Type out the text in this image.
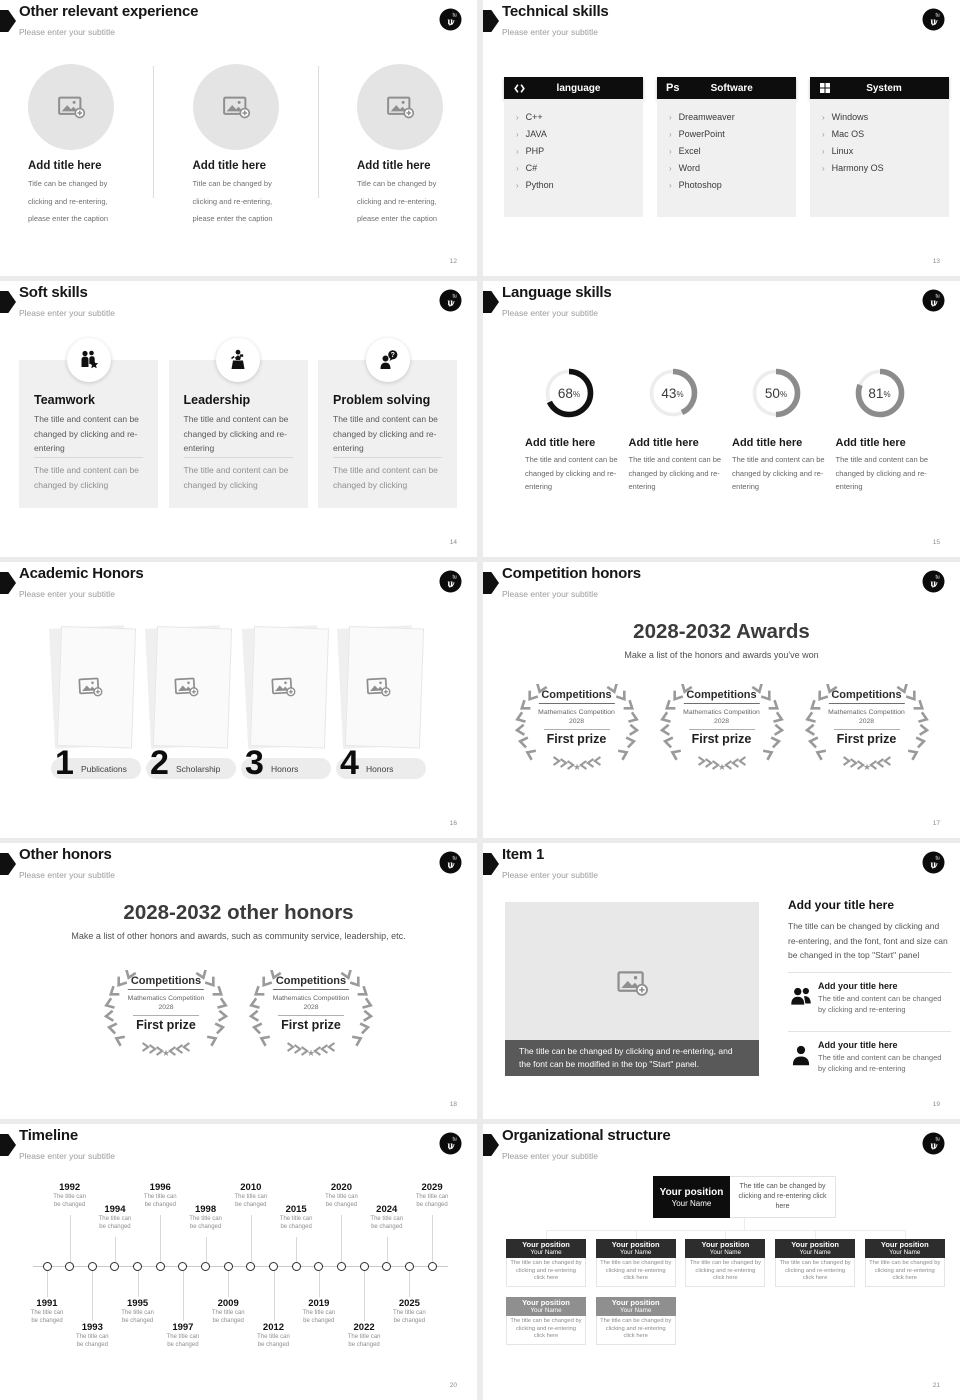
Other relevant experience
Please enter your subtitle
u
tu
Add title here
Title can be changed by
clicking and re-entering,
please enter the caption
Add title here
Title can be changed by
clicking and re-entering,
please enter the caption
Add title here
Title can be changed by
clicking and re-entering,
please enter the caption
12
Technical skills
Please enter your subtitle
u
tu
language
› C++
› JAVA
› PHP
› C#
› Python
Ps	Software
› Dreamweaver
› PowerPoint
› Excel
› Word
› Photoshop
System
› Windows
› Mac OS
› Linux
› Harmony OS
13
Soft skills
Please enter your subtitle
u
tu
Teamwork
The title and content can be changed by clicking and re-entering
The title and content can be changed by clicking
Leadership
The title and content can be changed by clicking and re-entering
The title and content can be changed by clicking
?
Problem solving
The title and content can be changed by clicking and re-entering
The title and content can be changed by clicking
14
Language skills
Please enter your subtitle
u
tu
68 %
Add title here
The title and content can be changed by clicking and re-entering
43 %
Add title here
The title and content can be changed by clicking and re-entering
50 %
Add title here
The title and content can be changed by clicking and re-entering
81 %
Add title here
The title and content can be changed by clicking and re-entering
15
Academic Honors
Please enter your subtitle
u
tu
Publications
1	Scholarship
2	Honors
3	Honors
4
16
Competition honors
Please enter your subtitle
u
tu
2028-2032 Awards
Make a list of the honors and awards you've won
★
Competitions
Mathematics Competition
2028
First prize
★
Competitions
Mathematics Competition
2028
First prize
★
Competitions
Mathematics Competition
2028
First prize
17
Other honors
Please enter your subtitle
u
tu
2028-2032 other honors
Make a list of other honors and awards, such as community service, leadership, etc.
★
Competitions
Mathematics Competition
2028
First prize
★
Competitions
Mathematics Competition
2028
First prize
18
Item 1
Please enter your subtitle
u
tu
The title can be changed by clicking and re-entering, and
the font can be modified in the top "Start" panel.
Add your title here
The title can be changed by clicking and re-entering, and the font, font and size can be changed in the top "Start" panel
Add your title here
The title and content can be changed by clicking and re-entering
Add your title here
The title and content can be changed by clicking and re-entering
19
Timeline
Please enter your subtitle
u
tu
1991
The title can
be changed
1992
The title can
be changed
1993
The title can
be changed
1994
The title can
be changed
1995
The title can
be changed
1996
The title can
be changed
1997
The title can
be changed
1998
The title can
be changed
2009
The title can
be changed
2010
The title can
be changed
2012
The title can
be changed
2015
The title can
be changed
2019
The title can
be changed
2020
The title can
be changed
2022
The title can
be changed
2024
The title can
be changed
2025
The title can
be changed
2029
The title can
be changed
20
Organizational structure
Please enter your subtitle
u
tu
Your position
Your Name
The title can be changed by clicking and re-entering click here
Your position
Your Name
The title can be changed by clicking and re-entering click here
Your position
Your Name
The title can be changed by clicking and re-entering click here
Your position
Your Name
The title can be changed by clicking and re-entering click here
Your position
Your Name
The title can be changed by clicking and re-entering click here
Your position
Your Name
The title can be changed by clicking and re-entering click here
Your position
Your Name
The title can be changed by clicking and re-entering click here
Your position
Your Name
The title can be changed by clicking and re-entering click here
21
